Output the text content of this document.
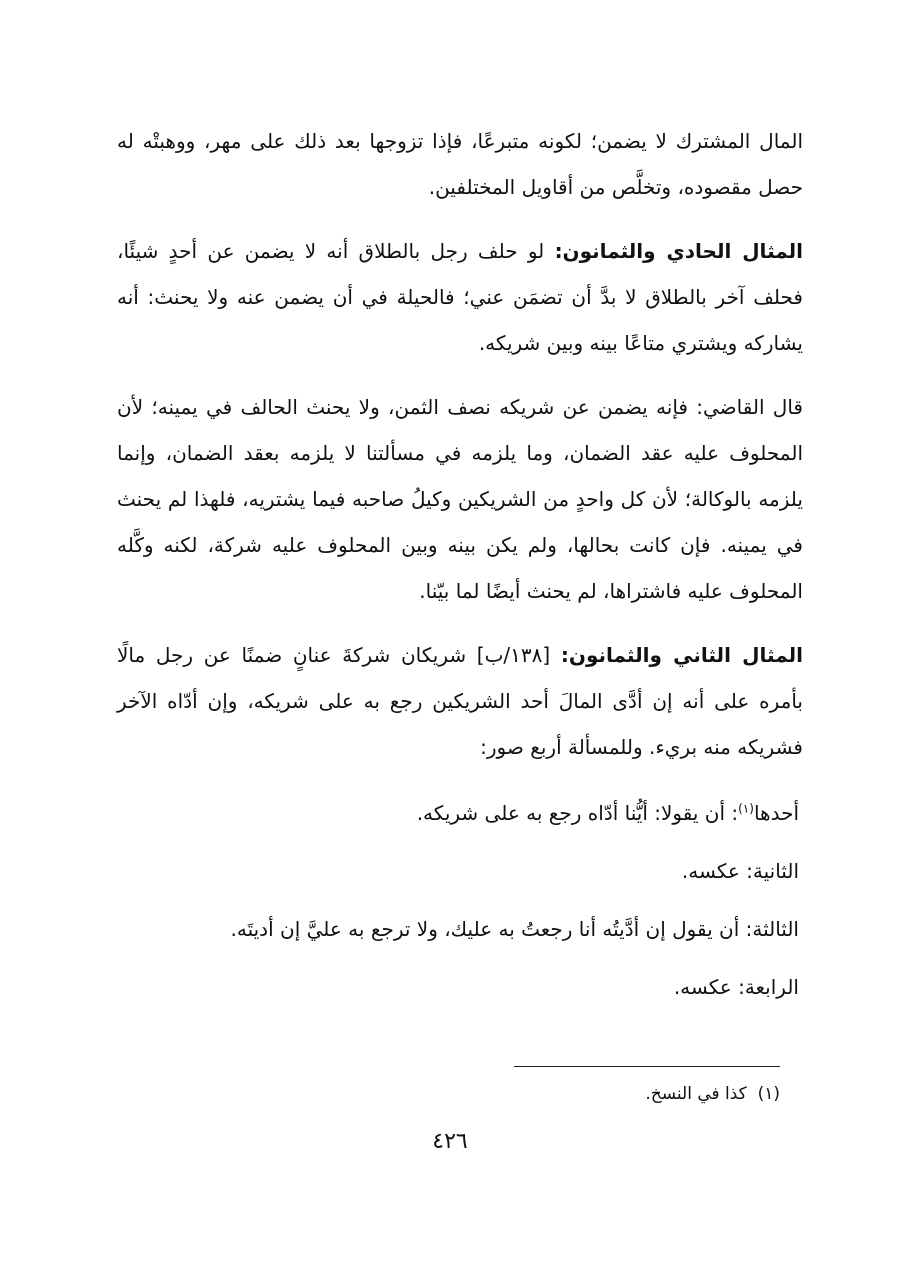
المال المشترك لا يضمن؛ لكونه متبرعًا، فإذا تزوجها بعد ذلك على مهر، ووهبتْه له حصل مقصوده، وتخلَّص من أقاويل المختلفين.

المثال الحادي والثمانون: لو حلف رجل بالطلاق أنه لا يضمن عن أحدٍ شيئًا، فحلف آخر بالطلاق لا بدَّ أن تضمَن عني؛ فالحيلة في أن يضمن عنه ولا يحنث: أنه يشاركه ويشتري متاعًا بينه وبين شريكه.

قال القاضي: فإنه يضمن عن شريكه نصف الثمن، ولا يحنث الحالف في يمينه؛ لأن المحلوف عليه عقد الضمان، وما يلزمه في مسألتنا لا يلزمه بعقد الضمان، وإنما يلزمه بالوكالة؛ لأن كل واحدٍ من الشريكين وكيلُ صاحبه فيما يشتريه، فلهذا لم يحنث في يمينه. فإن كانت بحالها، ولم يكن بينه وبين المحلوف عليه شركة، لكنه وكَّله المحلوف عليه فاشتراها، لم يحنث أيضًا لما بيّنا.

المثال الثاني والثمانون: [١٣٨/ب] شريكان شركةَ عنانٍ ضمنًا عن رجل مالًا بأمره على أنه إن أدَّى المالَ أحد الشريكين رجع به على شريكه، وإن أدّاه الآخر فشريكه منه بريء. وللمسألة أربع صور:

أحدها$^{(١)}$: أن يقولا: أيُّنا أدّاه رجع به على شريكه.

الثانية: عكسه.

الثالثة: أن يقول إن أدَّيتُه أنا رجعتُ به عليك، ولا ترجع به عليَّ إن أديتَه.

الرابعة: عكسه.

(١)  كذا في النسخ.
٤٢٦
